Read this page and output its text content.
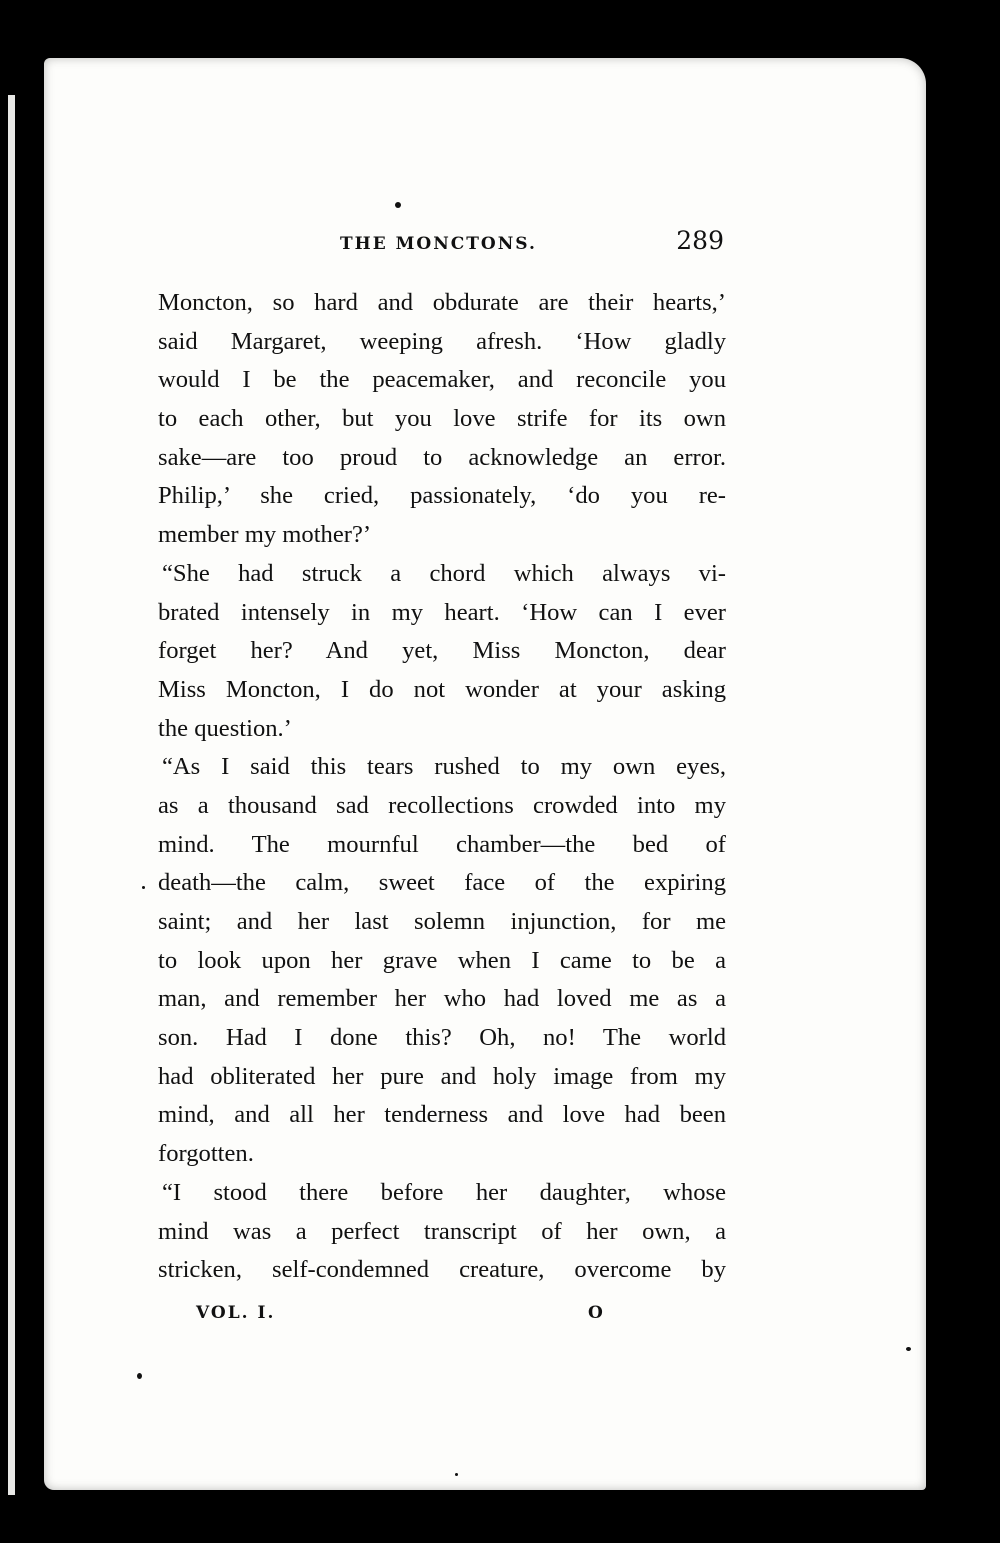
THE MONCTONS.	289
Moncton, so hard and obdurate are their hearts,’
said Margaret, weeping afresh. ‘How gladly
would I be the peacemaker, and reconcile you
to each other, but you love strife for its own
sake—are too proud to acknowledge an error.
Philip,’ she cried, passionately, ‘do you re-
member my mother?’
“She had struck a chord which always vi-
brated intensely in my heart. ‘How can I ever
forget her? And yet, Miss Moncton, dear
Miss Moncton, I do not wonder at your asking
the question.’
“As I said this tears rushed to my own eyes,
as a thousand sad recollections crowded into my
mind. The mournful chamber—the bed of
death—the calm, sweet face of the expiring
saint; and her last solemn injunction, for me
to look upon her grave when I came to be a
man, and remember her who had loved me as a
son. Had I done this? Oh, no! The world
had obliterated her pure and holy image from my
mind, and all her tenderness and love had been
forgotten.
“I stood there before her daughter, whose
mind was a perfect transcript of her own, a
stricken, self-condemned creature, overcome by
VOL. I.	O
